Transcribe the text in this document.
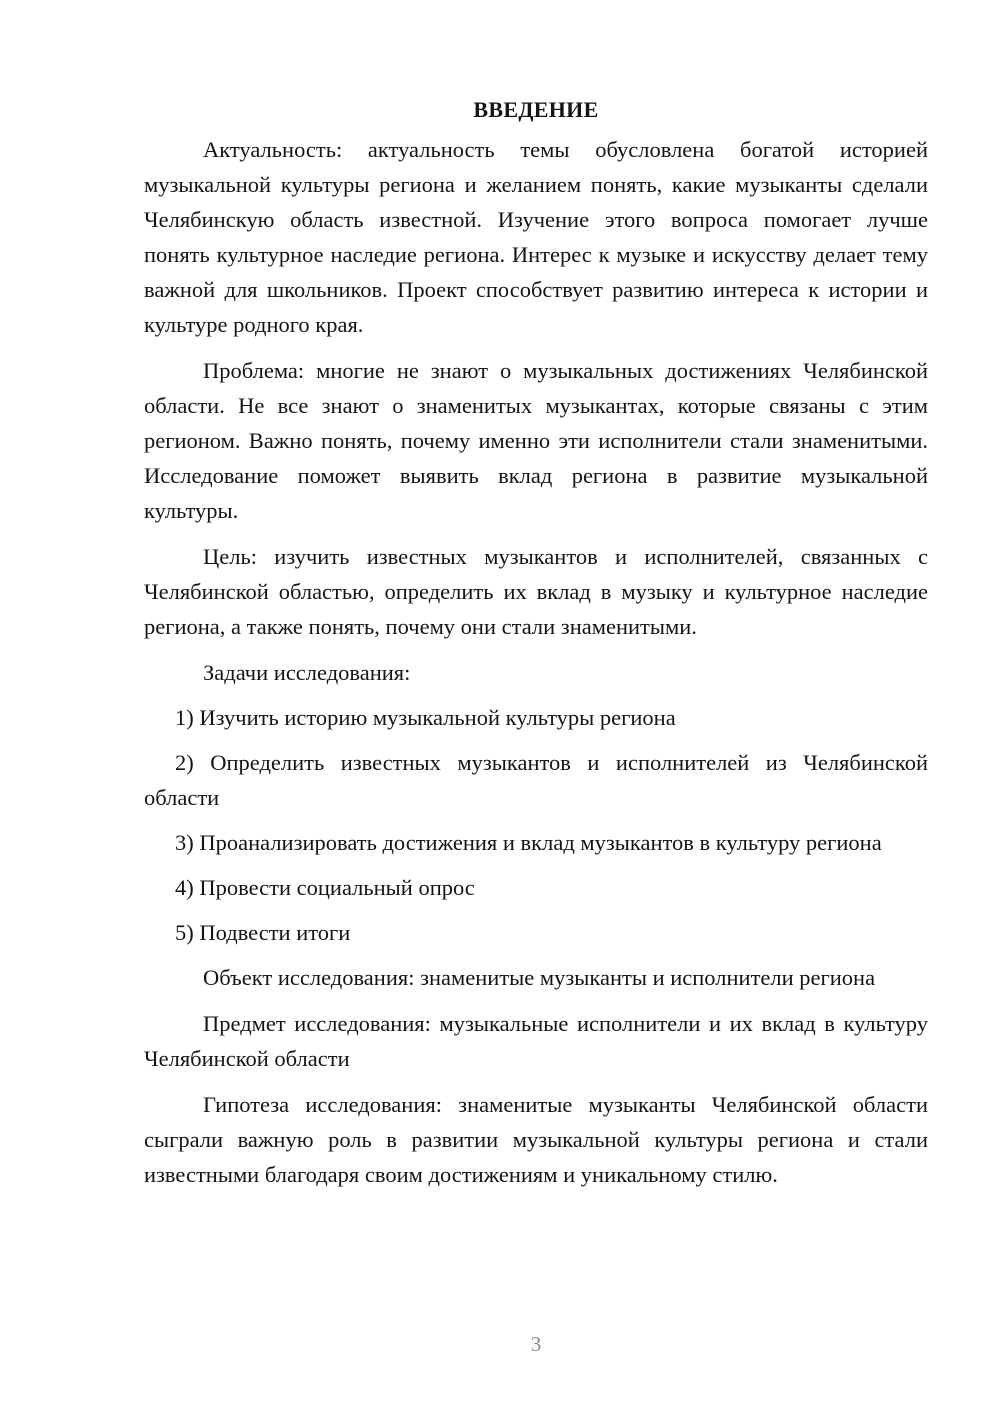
ВВЕДЕНИЕ

Актуальность: актуальность темы обусловлена богатой историей музыкальной культуры региона и желанием понять, какие музыканты сделали Челябинскую область известной. Изучение этого вопроса помогает лучше понять культурное наследие региона. Интерес к музыке и искусству делает тему важной для школьников. Проект способствует развитию интереса к истории и культуре родного края.

Проблема: многие не знают о музыкальных достижениях Челябинской области. Не все знают о знаменитых музыкантах, которые связаны с этим регионом. Важно понять, почему именно эти исполнители стали знаменитыми. Исследование поможет выявить вклад региона в развитие музыкальной культуры.

Цель: изучить известных музыкантов и исполнителей, связанных с Челябинской областью, определить их вклад в музыку и культурное наследие региона, а также понять, почему они стали знаменитыми.

Задачи исследования:

1) Изучить историю музыкальной культуры региона

2) Определить известных музыкантов и исполнителей из Челябинской области

3) Проанализировать достижения и вклад музыкантов в культуру региона

4) Провести социальный опрос

5) Подвести итоги

Объект исследования: знаменитые музыканты и исполнители региона

Предмет исследования: музыкальные исполнители и их вклад в культуру Челябинской области

Гипотеза исследования: знаменитые музыканты Челябинской области сыграли важную роль в развитии музыкальной культуры региона и стали известными благодаря своим достижениям и уникальному стилю.

3
